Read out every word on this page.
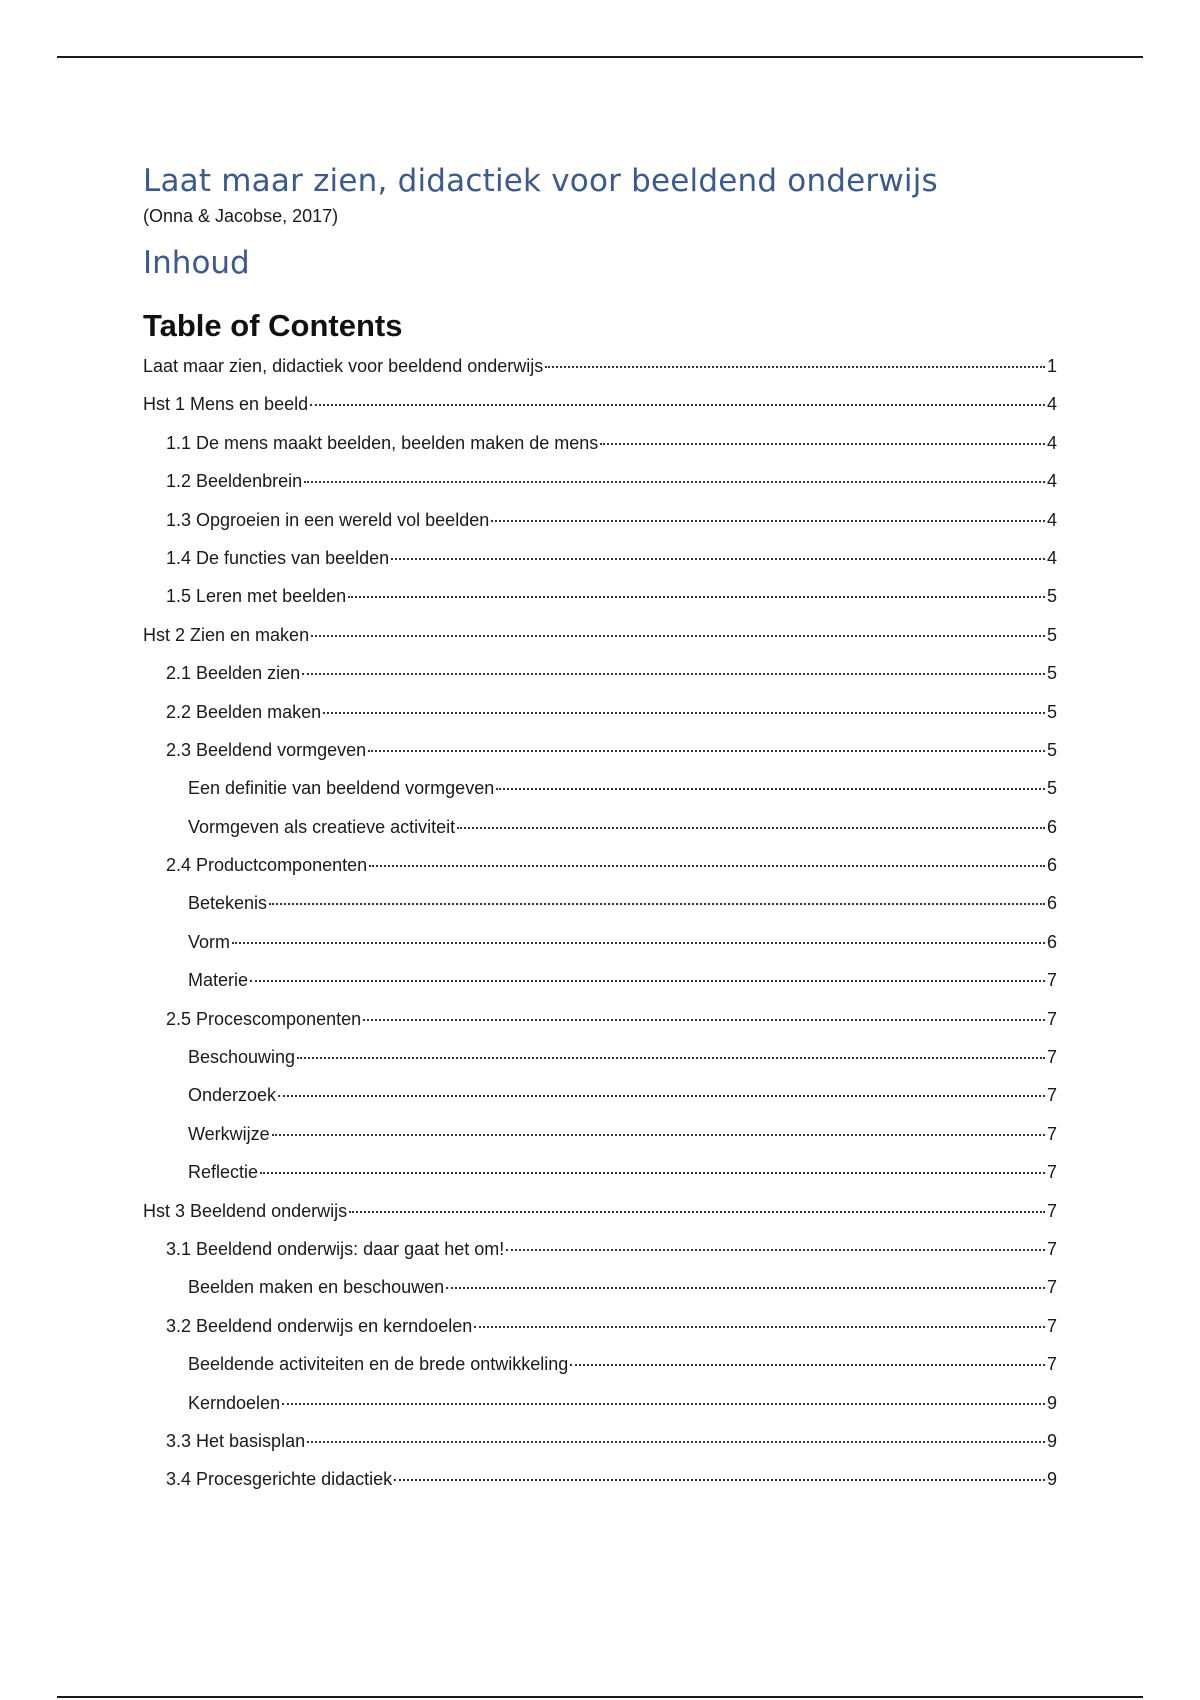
Laat maar zien, didactiek voor beeldend onderwijs
(Onna & Jacobse, 2017)
Inhoud
Table of Contents
Laat maar zien, didactiek voor beeldend onderwijs	1
Hst 1 Mens en beeld	4
1.1 De mens maakt beelden, beelden maken de mens	4
1.2 Beeldenbrein	4
1.3 Opgroeien in een wereld vol beelden	4
1.4 De functies van beelden	4
1.5 Leren met beelden	5
Hst 2 Zien en maken	5
2.1 Beelden zien	5
2.2 Beelden maken	5
2.3 Beeldend vormgeven	5
Een definitie van beeldend vormgeven	5
Vormgeven als creatieve activiteit	6
2.4 Productcomponenten	6
Betekenis	6
Vorm	6
Materie	7
2.5 Procescomponenten	7
Beschouwing	7
Onderzoek	7
Werkwijze	7
Reflectie	7
Hst 3 Beeldend onderwijs	7
3.1 Beeldend onderwijs: daar gaat het om!	7
Beelden maken en beschouwen	7
3.2 Beeldend onderwijs en kerndoelen	7
Beeldende activiteiten en de brede ontwikkeling	7
Kerndoelen	9
3.3 Het basisplan	9
3.4 Procesgerichte didactiek	9
